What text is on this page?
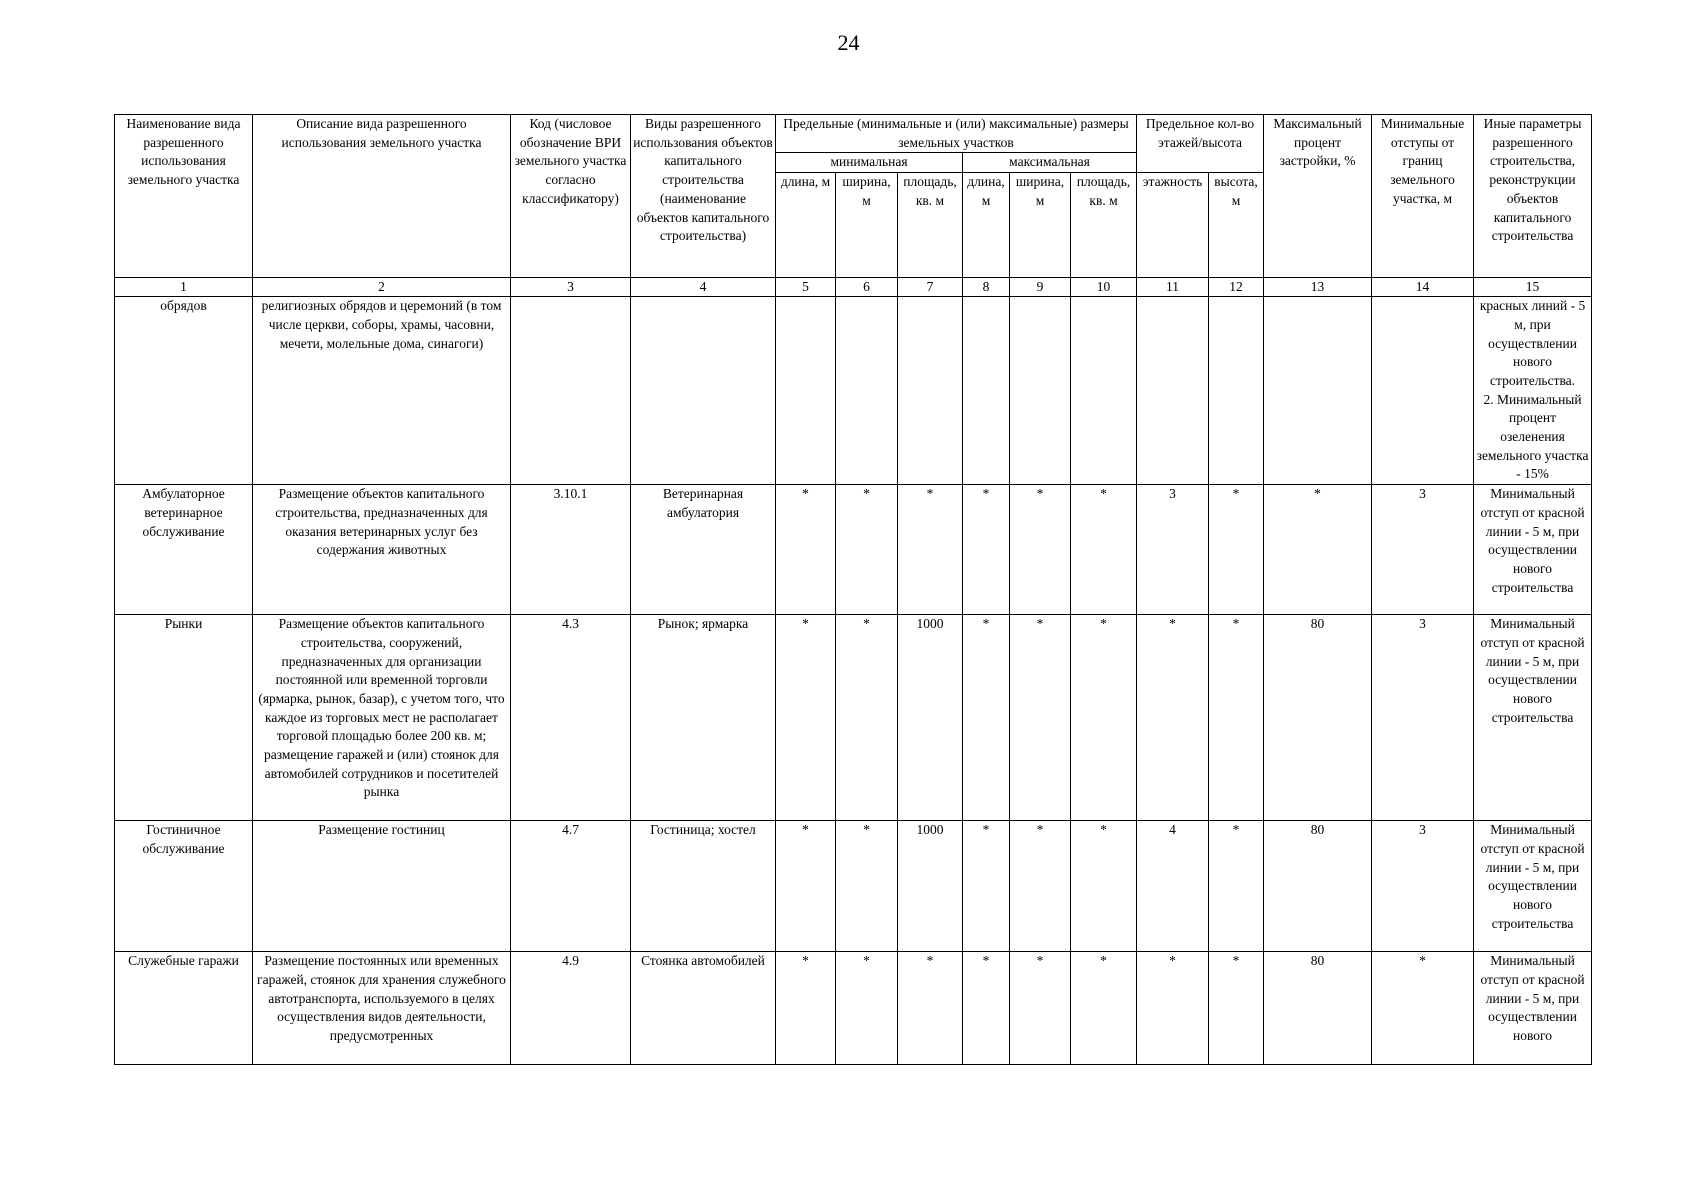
24
Наименование вида разрешенного использования земельного участка	Описание вида разрешенного использования земельного участка	Код (числовое обозначение ВРИ земельного участка согласно классификатору)	Виды разрешенного использования объектов капитального строительства (наименование объектов капитального строительства)	Предельные (минимальные и (или) максимальные) размеры земельных участков						Предельное кол-во этажей/высота		Максимальный процент застройки, %	Минимальные отступы от границ земельного участка, м	Иные параметры разрешенного строительства, реконструкции объектов капитального строительства
				минимальная			максимальная							
				длина, м	ширина, м	площадь, кв. м	длина, м	ширина, м	площадь, кв. м	этажность	высота, м			
1	2	3	4	5	6	7	8	9	10	11	12	13	14	15
обрядов	религиозных обрядов и церемоний (в том числе церкви, соборы, храмы, часовни, мечети, молельные дома, синагоги)													красных линий - 5 м, при осуществлении нового строительства.
2. Минимальный процент озеленения земельного участка - 15%
Амбулаторное ветеринарное обслуживание	Размещение объектов капитального строительства, предназначенных для оказания ветеринарных услуг без содержания животных	3.10.1	Ветеринарная амбулатория	*	*	*	*	*	*	3	*	*	3	Минимальный отступ от красной линии - 5 м, при осуществлении нового строительства
Рынки	Размещение объектов капитального строительства, сооружений, предназначенных для организации постоянной или временной торговли (ярмарка, рынок, базар), с учетом того, что каждое из торговых мест не располагает торговой площадью более 200 кв. м; размещение гаражей и (или) стоянок для автомобилей сотрудников и посетителей рынка	4.3	Рынок; ярмарка	*	*	1000	*	*	*	*	*	80	3	Минимальный отступ от красной линии - 5 м, при осуществлении нового строительства
Гостиничное обслуживание	Размещение гостиниц	4.7	Гостиница; хостел	*	*	1000	*	*	*	4	*	80	3	Минимальный отступ от красной линии - 5 м, при осуществлении нового строительства
Служебные гаражи	Размещение постоянных или временных гаражей, стоянок для хранения служебного автотранспорта, используемого в целях осуществления видов деятельности, предусмотренных	4.9	Стоянка автомобилей	*	*	*	*	*	*	*	*	80	*	Минимальный отступ от красной линии - 5 м, при осуществлении нового
